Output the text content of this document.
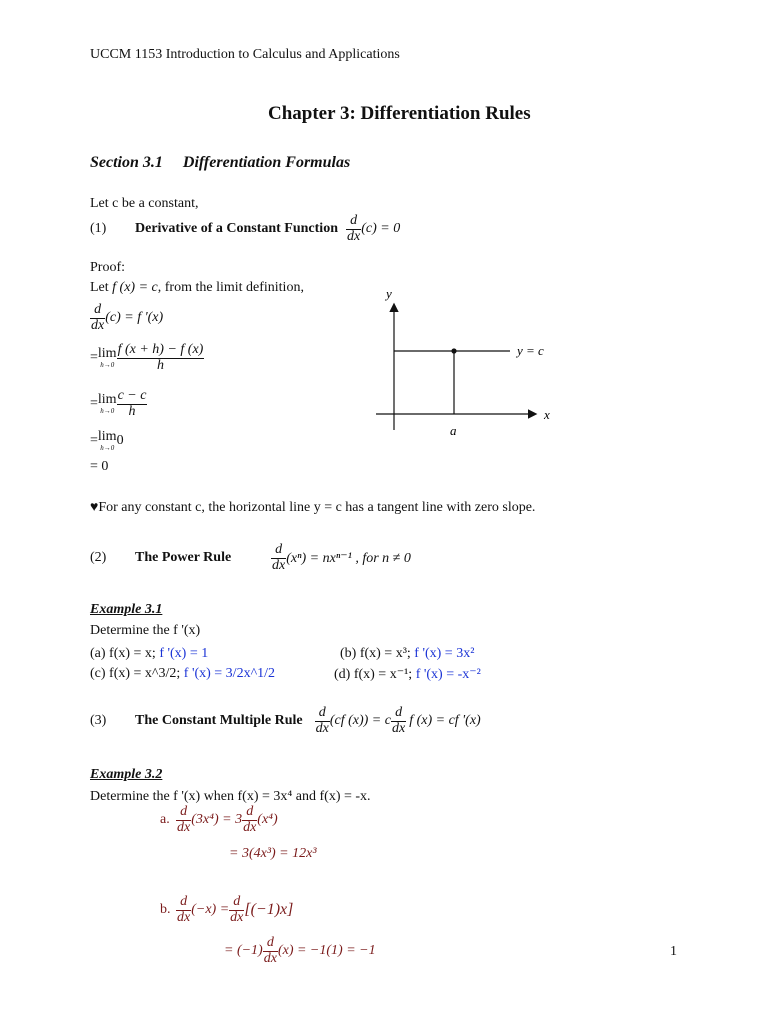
UCCM 1153 Introduction to Calculus and Applications
Chapter 3: Differentiation Rules
Section 3.1 Differentiation Formulas
Let c be a constant,
(1)	Derivative of a Constant Function $\frac{d}{dx} (c) = 0$
Proof:
Let f (x) = c, from the limit definition,
$\frac{d}{dx} (c) = f$ '(x)
= lim
$h\to 0 \frac{f (x + h) - f (x)}{h}$
= lim
$h\to 0 \frac{c - c}{h}$
= lim
h→0 0
= 0
y
x
y = c
a
♥For any constant c, the horizontal line y = c has a tangent line with zero slope.
(2)	The Power Rule	$\frac{d}{dx} (x^n) = nx^{n-1}$ , for n ≠ 0
Example 3.1
Determine the f '(x)
(a) f(x) = x; f '(x) = 1	(b) f(x) = x³; f '(x) = 3x²
(c) f(x) = x^3/2; f '(x) = 3/2x^1/2	(d) f(x) = x⁻¹; f '(x) = -x⁻²
(3)	The Constant Multiple Rule $\frac{d}{dx} (cf$ (x)) = c $\frac{d}{dx}$ f (x) = cf '(x)
Example 3.2
Determine the f '(x) when f(x) = 3x⁴ and f(x) = -x.
a. $\frac{d}{dx} (3x^4) = 3 \frac{d}{dx} (x^4)$
= 3(4x³) = 12x³
b. $\frac{d}{dx} (-x) = \frac{d}{dx} [(-1)x]$
= $(-1) \frac{d}{dx} (x) = -1(1) = -1$	1
